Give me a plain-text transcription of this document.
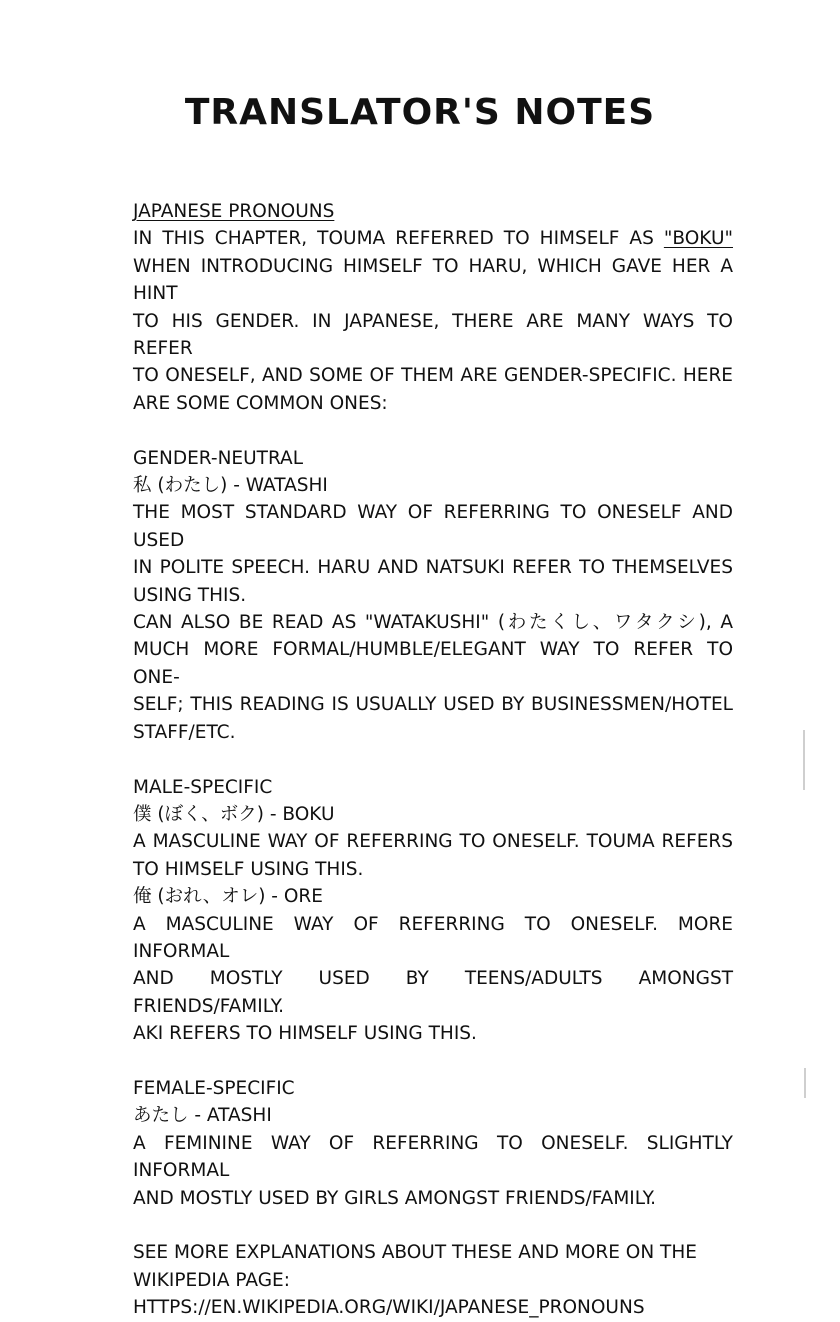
TRANSLATOR'S NOTES
JAPANESE PRONOUNS
IN THIS CHAPTER, TOUMA REFERRED TO HIMSELF AS "BOKU"
WHEN INTRODUCING HIMSELF TO HARU, WHICH GAVE HER A HINT
TO HIS GENDER. IN JAPANESE, THERE ARE MANY WAYS TO REFER
TO ONESELF, AND SOME OF THEM ARE GENDER-SPECIFIC. HERE
ARE SOME COMMON ONES:
GENDER-NEUTRAL
私 (わたし) - WATASHI
THE MOST STANDARD WAY OF REFERRING TO ONESELF AND USED
IN POLITE SPEECH. HARU AND NATSUKI REFER TO THEMSELVES
USING THIS.
CAN ALSO BE READ AS "WATAKUSHI" (わたくし、ワタクシ), A
MUCH MORE FORMAL/HUMBLE/ELEGANT WAY TO REFER TO ONE-
SELF; THIS READING IS USUALLY USED BY BUSINESSMEN/HOTEL
STAFF/ETC.
MALE-SPECIFIC
僕 (ぼく、ボク) - BOKU
A MASCULINE WAY OF REFERRING TO ONESELF. TOUMA REFERS
TO HIMSELF USING THIS.
俺 (おれ、オレ) - ORE
A MASCULINE WAY OF REFERRING TO ONESELF. MORE INFORMAL
AND MOSTLY USED BY TEENS/ADULTS AMONGST FRIENDS/FAMILY.
AKI REFERS TO HIMSELF USING THIS.
FEMALE-SPECIFIC
あたし - ATASHI
A FEMININE WAY OF REFERRING TO ONESELF. SLIGHTLY INFORMAL
AND MOSTLY USED BY GIRLS AMONGST FRIENDS/FAMILY.
SEE MORE EXPLANATIONS ABOUT THESE AND MORE ON THE
WIKIPEDIA PAGE:
HTTPS://EN.WIKIPEDIA.ORG/WIKI/JAPANESE_PRONOUNS
